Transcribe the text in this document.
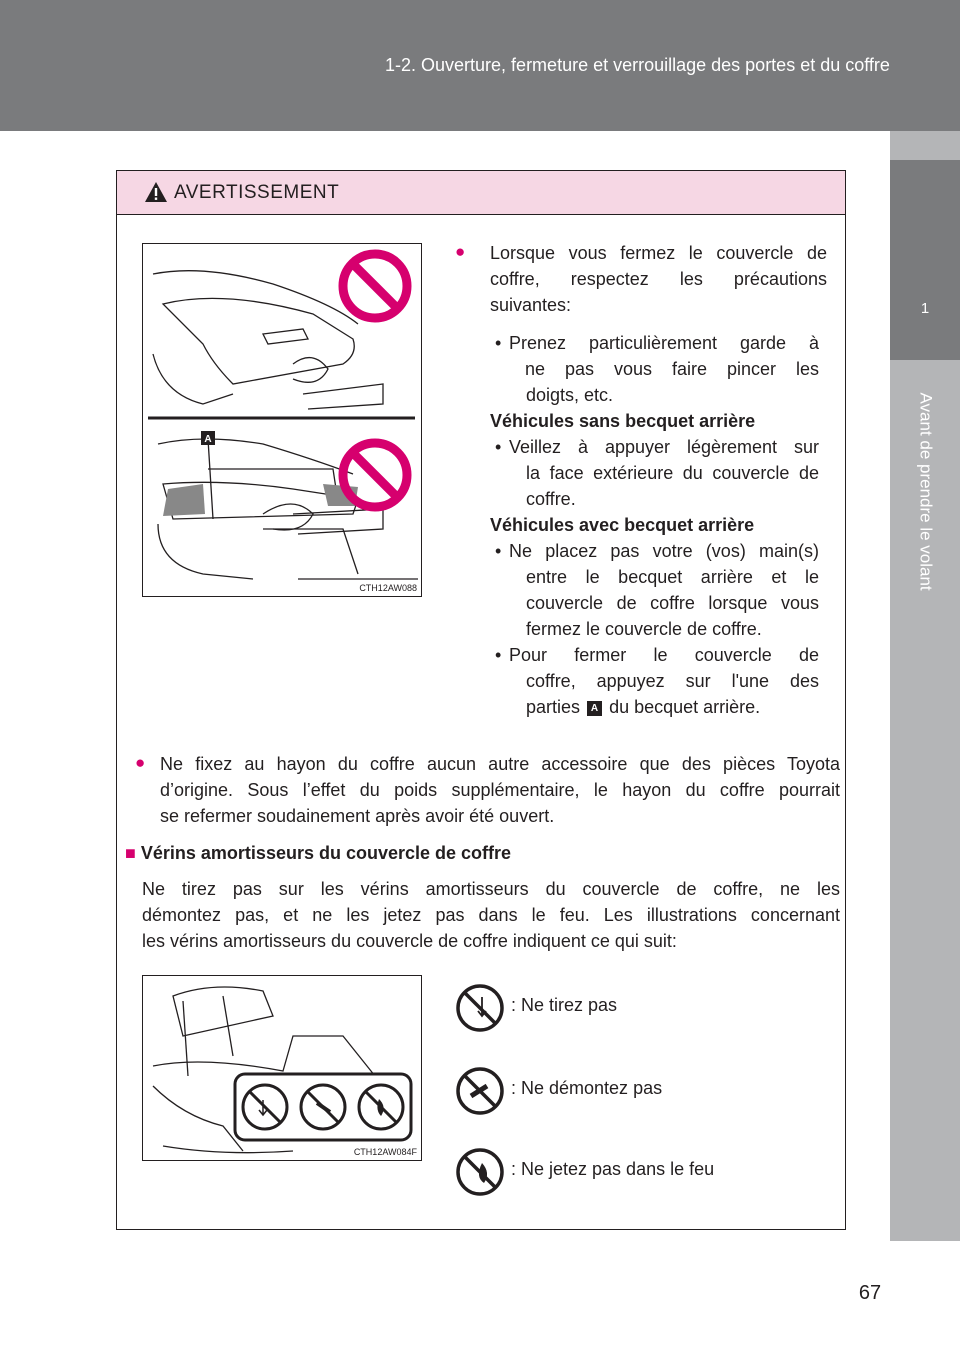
1-2. Ouverture, fermeture et verrouillage des portes et du coffre
1
Avant de prendre le volant
AVERTISSEMENT
A
CTH12AW088
● Lorsque vous fermez le couvercle de
coffre, respectez les précautions
suivantes:
• Prenez particulièrement garde à
ne pas vous faire pincer les
doigts, etc.
Véhicules sans becquet arrière
• Veillez à appuyer légèrement sur
la face extérieure du couvercle de
coffre.
Véhicules avec becquet arrière
• Ne placez pas votre (vos) main(s)
entre le becquet arrière et le
couvercle de coffre lorsque vous
fermez le couvercle de coffre.
• Pour fermer le couvercle de
coffre, appuyez sur l'une des
parties A du becquet arrière.
● Ne fixez au hayon du coffre aucun autre accessoire que des pièces Toyota
d’origine. Sous l’effet du poids supplémentaire, le hayon du coffre pourrait
se refermer soudainement après avoir été ouvert.
■ Vérins amortisseurs du couvercle de coffre
Ne tirez pas sur les vérins amortisseurs du couvercle de coffre, ne les
démontez pas, et ne les jetez pas dans le feu. Les illustrations concernant
les vérins amortisseurs du couvercle de coffre indiquent ce qui suit:
CTH12AW084F
: Ne tirez pas
: Ne démontez pas
: Ne jetez pas dans le feu
67
